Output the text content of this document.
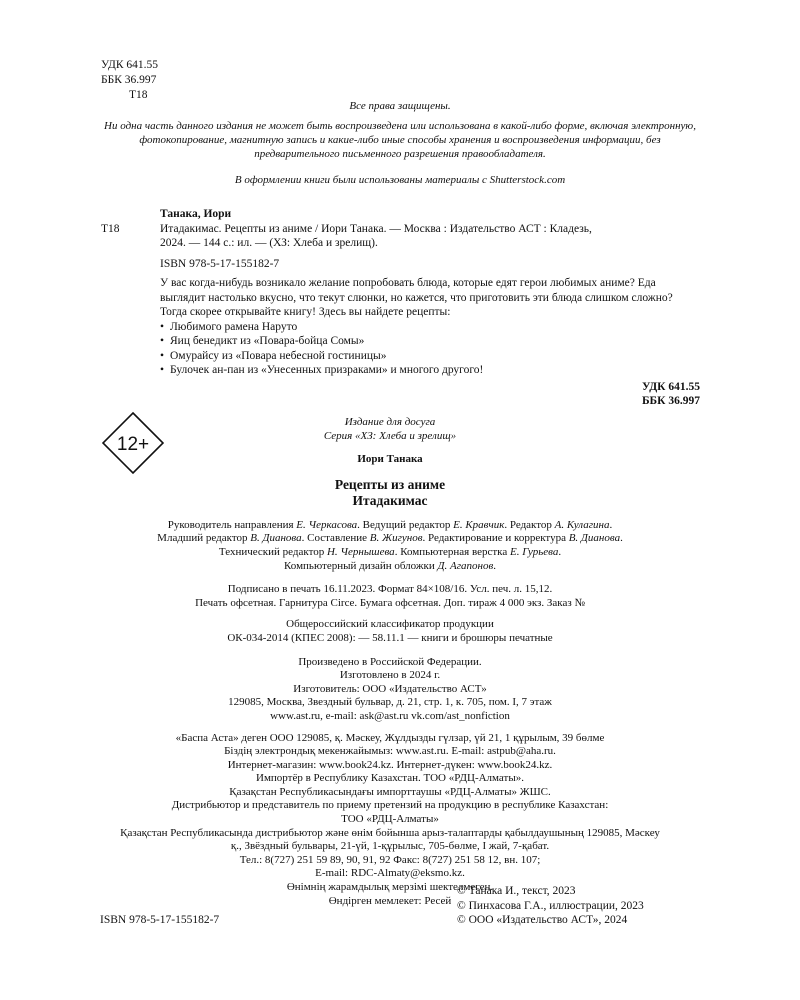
УДК 641.55

ББК 36.997

Т18

Все права защищены.

Ни одна часть данного издания не может быть воспроизведена или использована в какой-либо форме, включая электронную, фотокопирование, магнитную запись и какие-либо иные способы хранения и воспроизведения информации, без предварительного письменного разрешения правообладателя.

В оформлении книги были использованы материалы с Shutterstock.com

Танака, Иори

Т18	Итадакимас. Рецепты из аниме / Иори Танака. — Москва : Издательство АСТ : Кладезь,

2024. — 144 с.: ил. — (ХЗ: Хлеба и зрелищ).

ISBN 978-5-17-155182-7

У вас когда-нибудь возникало желание попробовать блюда, которые едят герои любимых аниме? Еда выглядит настолько вкусно, что текут слюнки, но кажется, что приготовить эти блюда слишком сложно? Тогда скорее открывайте книгу! Здесь вы найдете рецепты:

• Любимого рамена Наруто
• Яиц бенедикт из «Повара-бойца Сомы»
• Омурайсу из «Повара небесной гостиницы»
• Булочек ан-пан из «Унесенных призраками» и многого другого!

УДК 641.55

ББК 36.997

12+

Издание для досуга

Серия «ХЗ: Хлеба и зрелищ»

Иори Танака

Рецепты из аниме

Итадакимас

Руководитель направления Е. Черкасова. Ведущий редактор Е. Кравчик. Редактор А. Кулагина.

Младший редактор В. Дианова. Составление В. Жигунов. Редактирование и корректура В. Дианова.

Технический редактор Н. Чернышева. Компьютерная верстка Е. Гурьева.

Компьютерный дизайн обложки Д. Агапонов.

Подписано в печать 16.11.2023. Формат 84×108/16. Усл. печ. л. 15,12.

Печать офсетная. Гарнитура Circe. Бумага офсетная. Доп. тираж 4 000 экз. Заказ №

Общероссийский классификатор продукции

ОК-034-2014 (КПЕС 2008): — 58.11.1 — книги и брошюры печатные

Произведено в Российской Федерации.

Изготовлено в 2024 г.

Изготовитель: ООО «Издательство АСТ»

129085, Москва, Звездный бульвар, д. 21, стр. 1, к. 705, пом. I, 7 этаж

www.ast.ru, e-mail: ask@ast.ru vk.com/ast_nonfiction

«Баспа Аста» деген ООО 129085, қ. Мәскеу, Жұлдызды гүлзар, үй 21, 1 құрылым, 39 бөлме

Біздің электрондық мекенжайымыз: www.ast.ru. E-mail: astpub@aha.ru.

Интернет-магазин: www.book24.kz. Интернет-дүкен: www.book24.kz.

Импортёр в Республику Казахстан. ТОО «РДЦ-Алматы».

Қазақстан Республикасындағы импорттаушы «РДЦ-Алматы» ЖШС.

Дистрибьютор и представитель по приему претензий на продукцию в республике Казахстан:

ТОО «РДЦ-Алматы»

Қазақстан Республикасында дистрибьютор және өнім бойынша арыз-талаптарды қабылдаушының 129085, Мәскеу

қ., Звёздный бульвары, 21-үй, 1-құрылыс, 705-бөлме, I жай, 7-қабат.

Тел.: 8(727) 251 59 89, 90, 91, 92 Факс: 8(727) 251 58 12, вн. 107;

E-mail: RDC-Almaty@eksmo.kz.

Өнімнің жарамдылық мерзімі шектелмеген.

Өндірген мемлекет: Ресей

© Танака И., текст, 2023

© Пинхасова Г.А., иллюстрации, 2023

© ООО «Издательство АСТ», 2024

ISBN 978-5-17-155182-7
